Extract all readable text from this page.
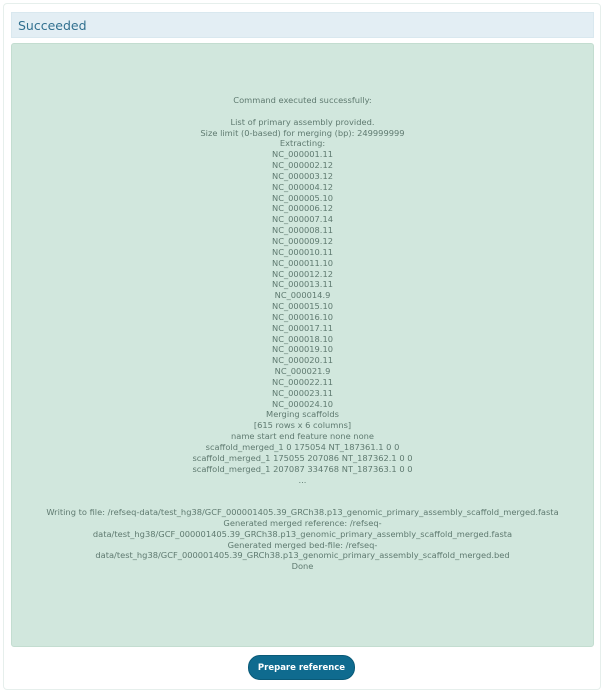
Succeeded
Command executed successfully:
List of primary assembly provided.
Size limit (0-based) for merging (bp): 249999999
Extracting:
NC_000001.11
NC_000002.12
NC_000003.12
NC_000004.12
NC_000005.10
NC_000006.12
NC_000007.14
NC_000008.11
NC_000009.12
NC_000010.11
NC_000011.10
NC_000012.12
NC_000013.11
NC_000014.9
NC_000015.10
NC_000016.10
NC_000017.11
NC_000018.10
NC_000019.10
NC_000020.11
NC_000021.9
NC_000022.11
NC_000023.11
NC_000024.10
Merging scaffolds
[615 rows x 6 columns]
name start end feature none none
scaffold_merged_1 0 175054 NT_187361.1 0 0
scaffold_merged_1 175055 207086 NT_187362.1 0 0
scaffold_merged_1 207087 334768 NT_187363.1 0 0
...
Writing to file: /refseq-data/test_hg38/GCF_000001405.39_GRCh38.p13_genomic_primary_assembly_scaffold_merged.fasta
Generated merged reference: /refseq-
data/test_hg38/GCF_000001405.39_GRCh38.p13_genomic_primary_assembly_scaffold_merged.fasta
Generated merged bed-file: /refseq-
data/test_hg38/GCF_000001405.39_GRCh38.p13_genomic_primary_assembly_scaffold_merged.bed
Done
Prepare reference
